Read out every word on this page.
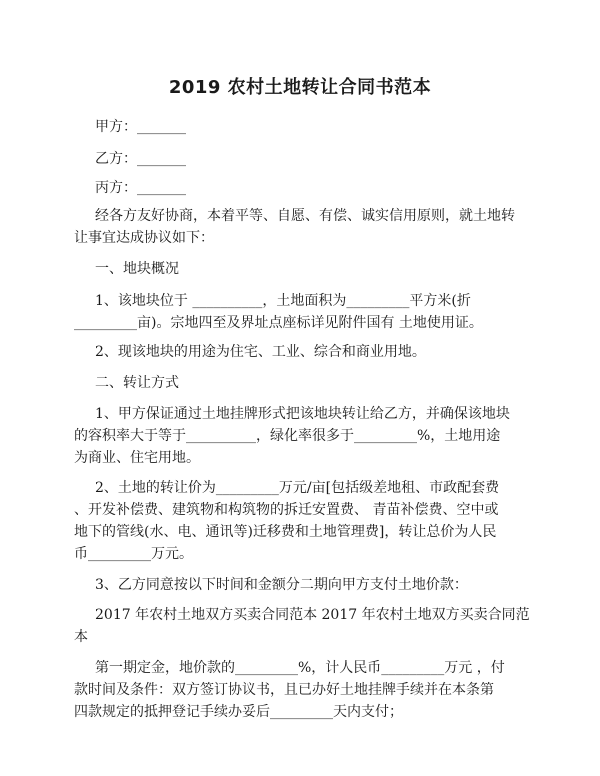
2019 农村土地转让合同书范本
甲方：_______
乙方：_______
丙方：_______
经各方友好协商，本着平等、自愿、有偿、诚实信用原则，就土地转
让事宜达成协议如下：
一、地块概况
1、该地块位于 __________，土地面积为_________平方米(折
_________亩)。宗地四至及界址点座标详见附件国有 土地使用证。
2、现该地块的用途为住宅、工业、综合和商业用地。
二、转让方式
1、甲方保证通过土地挂牌形式把该地块转让给乙方，并确保该地块
的容积率大于等于__________，绿化率很多于_________%，土地用途
为商业、住宅用地。
2、土地的转让价为_________万元/亩[包括级差地租、市政配套费
、开发补偿费、建筑物和构筑物的拆迁安置费、 青苗补偿费、空中或
地下的管线(水、电、通讯等)迁移费和土地管理费]，转让总价为人民
币_________万元。
3、乙方同意按以下时间和金额分二期向甲方支付土地价款：
2017 年农村土地双方买卖合同范本 2017 年农村土地双方买卖合同范
本
第一期定金，地价款的_________%，计人民币_________万元 ，付
款时间及条件：双方签订协议书，且已办好土地挂牌手续并在本条第
四款规定的抵押登记手续办妥后_________天内支付；
